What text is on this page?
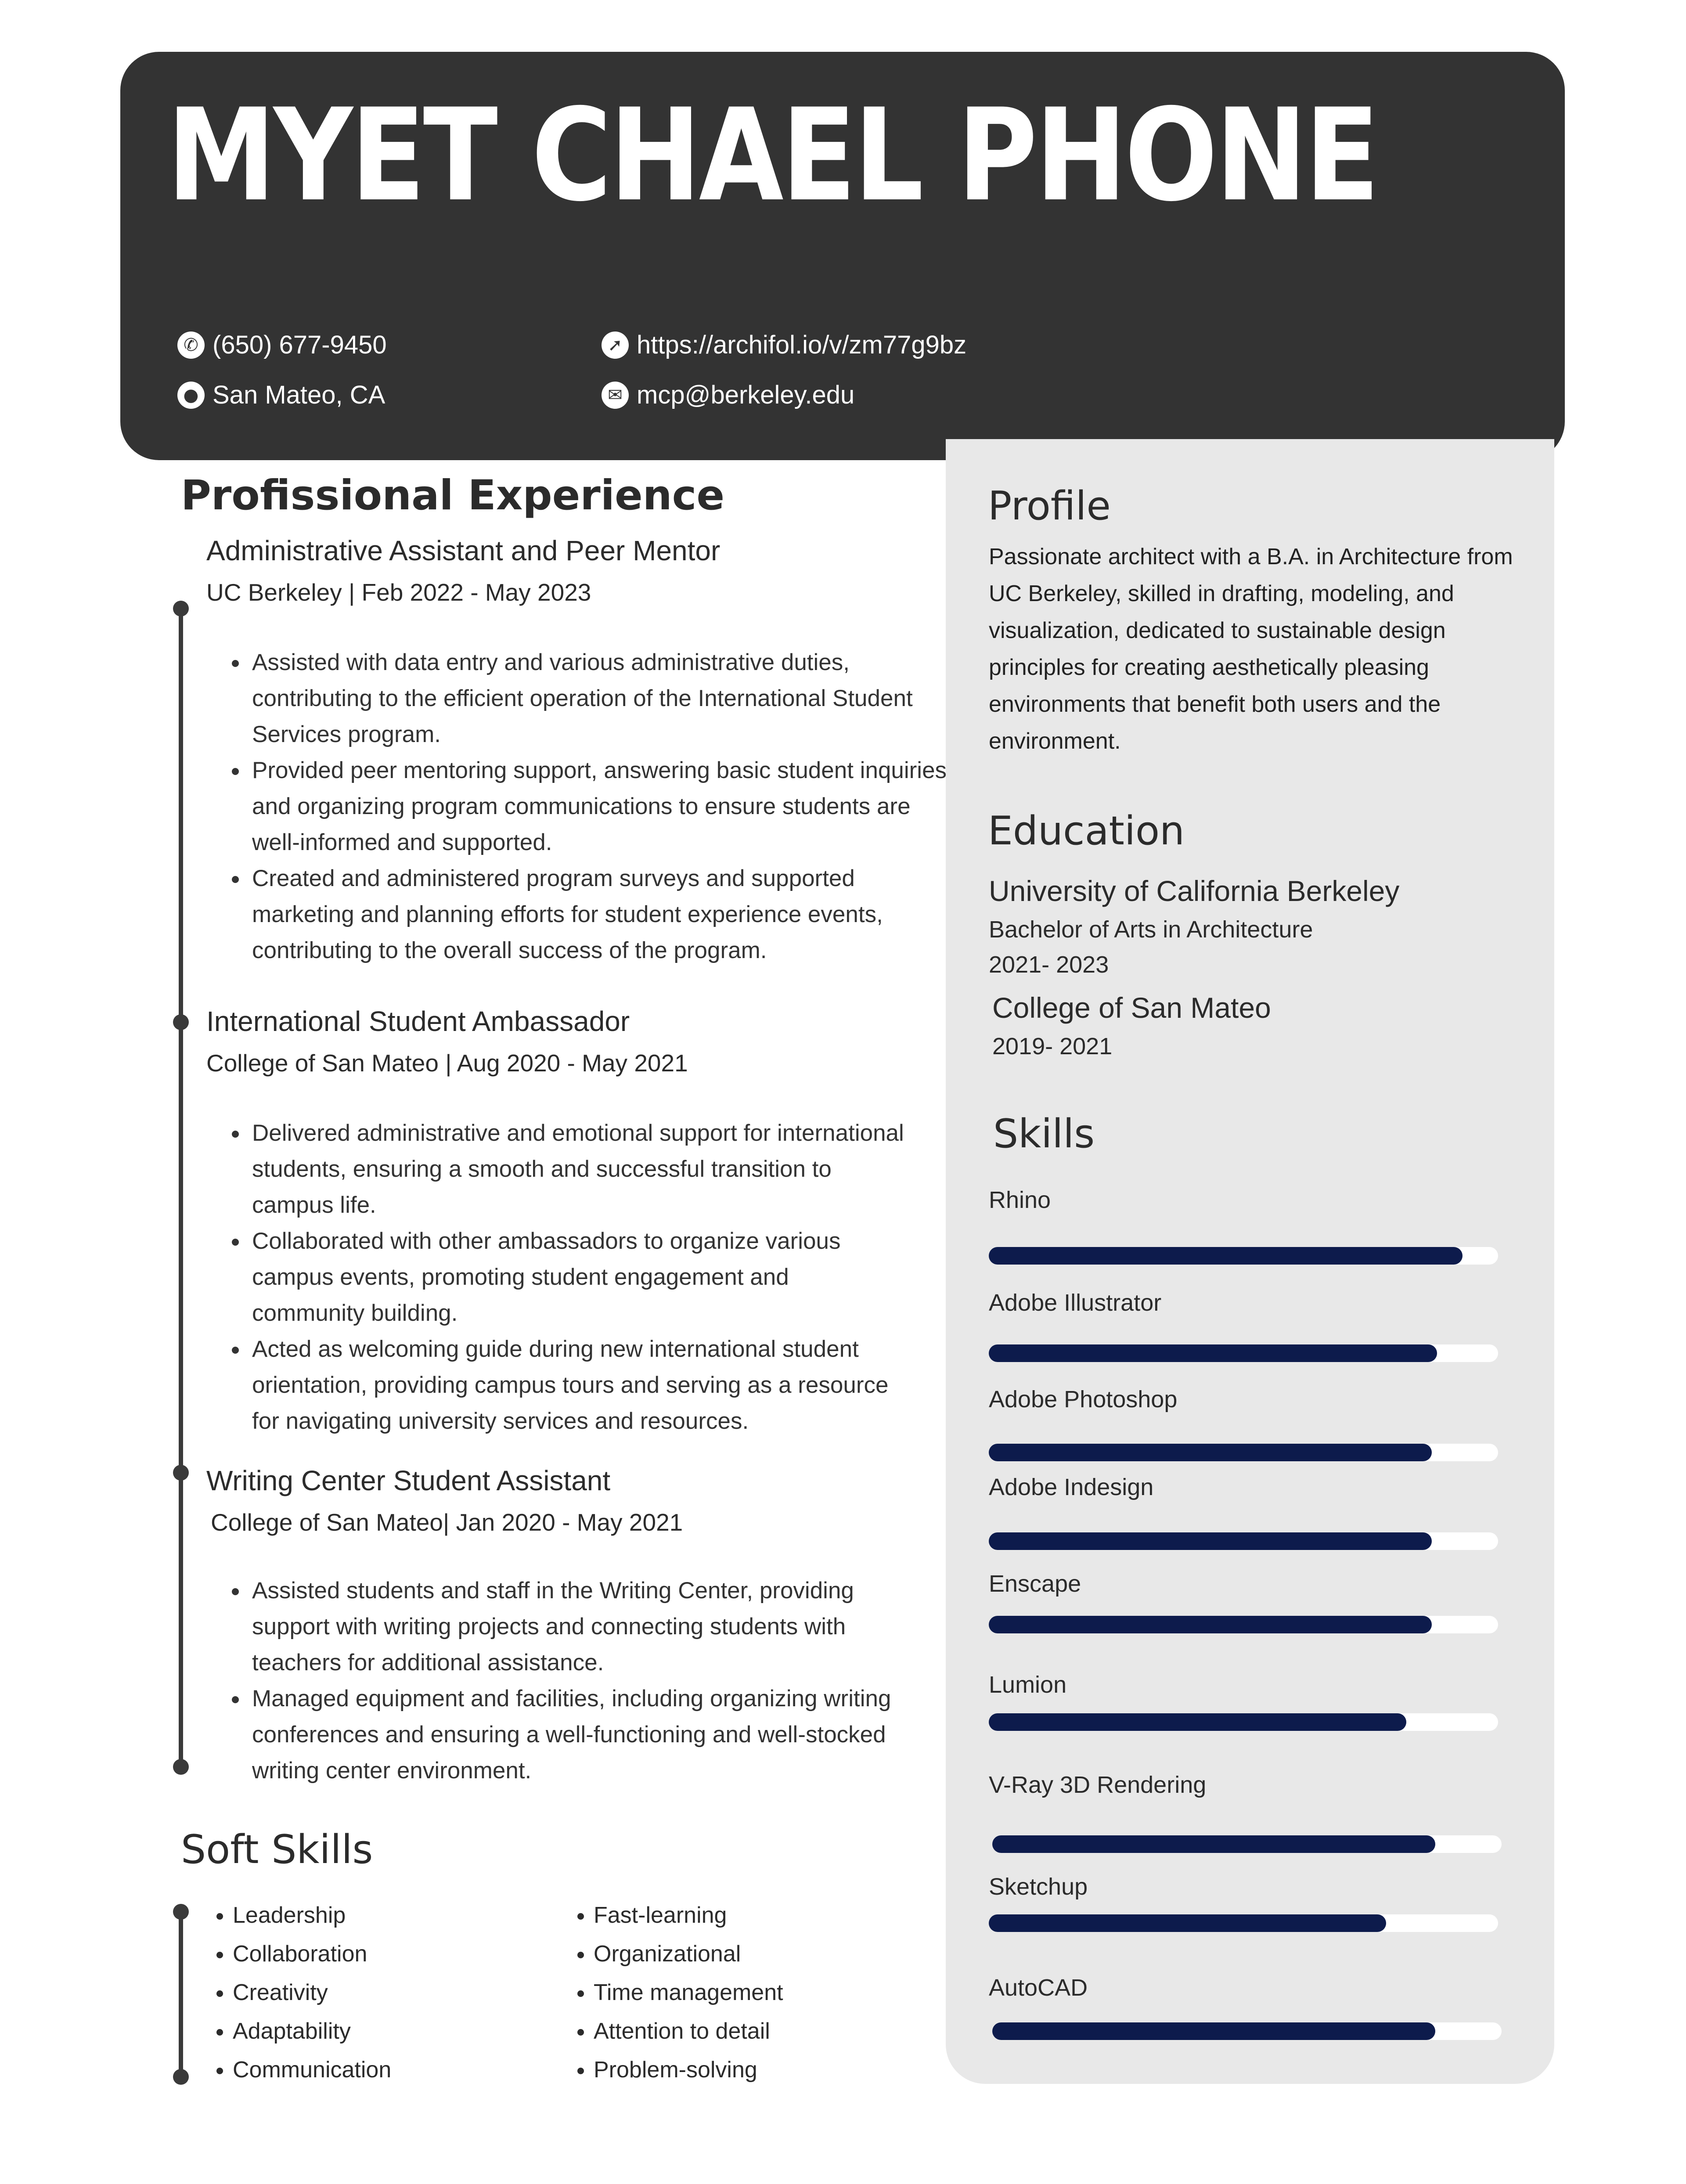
MYET CHAEL PHONE
✆ (650) 677-9450
● San Mateo, CA
➚ https://archifol.io/v/zm77g9bz
✉ mcp@berkeley.edu
Profissional Experience
Administrative Assistant and Peer Mentor
UC Berkeley | Feb 2022 - May 2023
• Assisted with data entry and various administrative duties, contributing to the efficient operation of the International Student Services program.
• Provided peer mentoring support, answering basic student inquiries and organizing program communications to ensure students are well-informed and supported.
• Created and administered program surveys and supported marketing and planning efforts for student experience events, contributing to the overall success of the program.
International Student Ambassador
College of San Mateo | Aug 2020 - May 2021
• Delivered administrative and emotional support for international students, ensuring a smooth and successful transition to campus life.
• Collaborated with other ambassadors to organize various campus events, promoting student engagement and community building.
• Acted as welcoming guide during new international student orientation, providing campus tours and serving as a resource for navigating university services and resources.
Writing Center Student Assistant
College of San Mateo| Jan 2020 - May 2021
• Assisted students and staff in the Writing Center, providing support with writing projects and connecting students with teachers for additional assistance.
• Managed equipment and facilities, including organizing writing conferences and ensuring a well-functioning and well-stocked writing center environment.
Soft Skills
• Leadership
• Collaboration
• Creativity
• Adaptability
• Communication
• Fast-learning
• Organizational
• Time management
• Attention to detail
• Problem-solving
Profile
Passionate architect with a B.A. in Architecture from UC Berkeley, skilled in drafting, modeling, and visualization, dedicated to sustainable design principles for creating aesthetically pleasing environments that benefit both users and the environment.
Education
University of California Berkeley
Bachelor of Arts in Architecture
2021- 2023
College of San Mateo
2019- 2021
Skills
Rhino
Adobe Illustrator
Adobe Photoshop
Adobe Indesign
Enscape
Lumion
V-Ray 3D Rendering
Sketchup
AutoCAD
